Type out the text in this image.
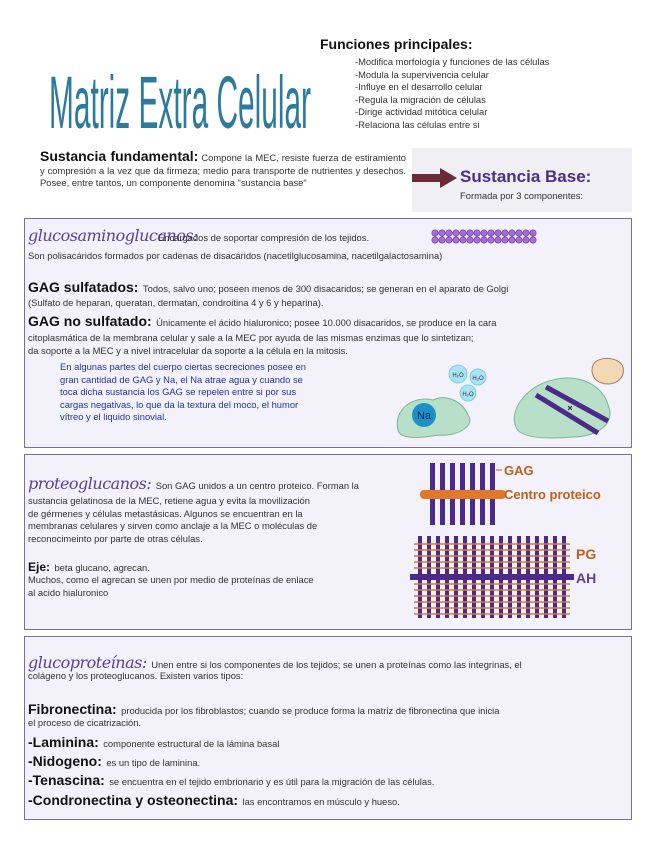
Matriz Extra Celular
Funciones principales:
-Modifica morfología y funciones de las células
-Modula la supervivencia celular
-Influye en el desarrollo celular
-Regula la migración de células
-Dirige actividad mitótica celular
-Relaciona las células entre si
Sustancia fundamental: Compone la MEC, resiste fuerza de estiramiento y compresión a la vez que da firmeza; medio para transporte de nutrientes y desechos. Posee, entre tantos, un componente denomina "sustancia base"	Sustancia Base:
Formada por 3 componentes:
glucosaminoglucanos:
Encargados de soportar compresión de los tejidos.
Son polisacáridos formados por cadenas de disacáridos (nacetilglucosamina, nacetilgalactosamina)
GAG sulfatados: Todos, salvo uno; poseen menos de 300 disacaridos; se generan en el aparato de Golgi
(Sulfato de heparan, queratan, dermatan, condroitina 4 y 6 y heparina).
GAG no sulfatado: Únicamente el ácido hialuronico; posee 10.000 disacaridos, se produce en la cara
citoplasmática de la membrana celular y sale a la MEC por ayuda de las mismas enzimas que lo sintetizan;
da soporte a la MEC y a nivel intracelular da soporte a la célula en la mitosis.
En algunas partes del cuerpo ciertas secreciones posee en
gran cantidad de GAG y Na, el Na atrae agua y cuando se
toca dicha sustancia los GAG se repelen entre si por sus
cargas negativas, lo que da la textura del moco, el humor
vítreo y el liquido sinovial.	Na
H₂O H₂O
H₂O
proteoglucanos: Son GAG unidos a un centro proteico. Forman la
sustancia gelatinosa de la MEC, retiene agua y evita la movilización
de gérmenes y células metastásicas. Algunos se encuentran en la
membranas celulares y sirven como anclaje a la MEC o moléculas de
reconocimeinto por parte de otras células.
Eje: beta glucano, agrecan.
Muchos, como el agrecan se unen por medio de proteínas de enlace
al acido hialuronico
GAG
Centro proteico
PG
AH
glucoproteínas: Unen entre si los componentes de los tejidos; se unen a proteínas como las integrinas, el
colágeno y los proteoglucanos. Existen varios tipos:
Fibronectina: producida por los fibroblastos; cuando se produce forma la matriz de fibronectina que inicia
el proceso de cicatrización.
-Laminina: componente estructural de la lámina basal
-Nidogeno: es un tipo de laminina.
-Tenascina: se encuentra en el tejido embrionario y es útil para la migración de las células.
-Condronectina y osteonectina: las encontramos en músculo y hueso.
